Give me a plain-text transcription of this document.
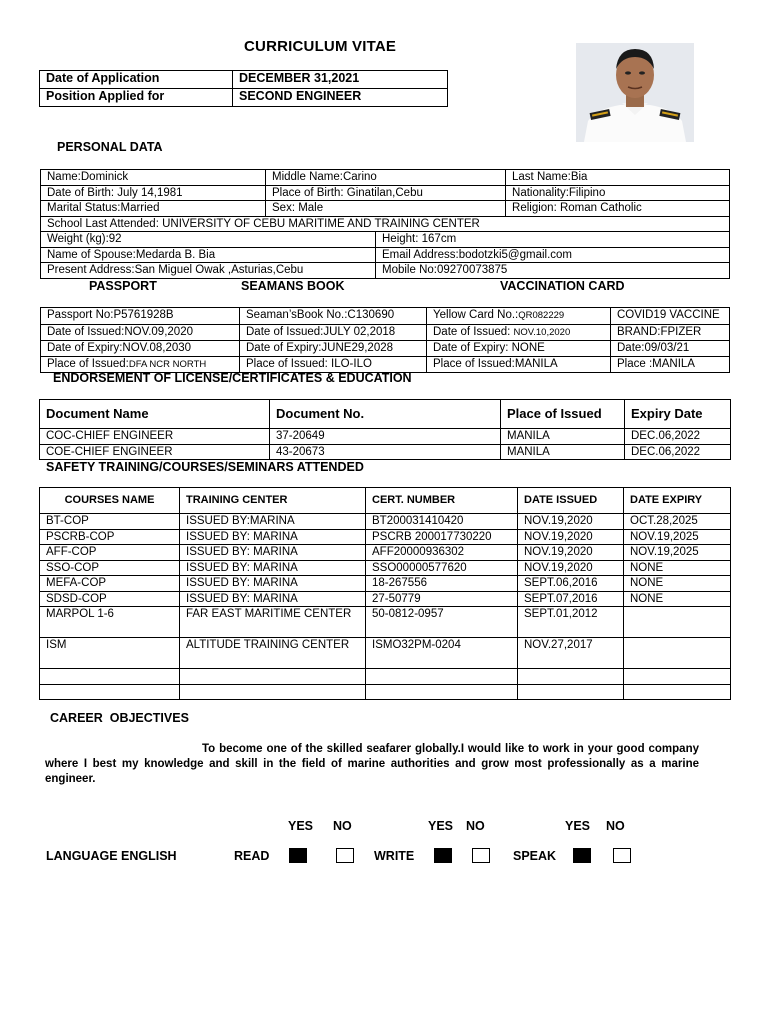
CURRICULUM VITAE
Date of Application	DECEMBER 31,2021
Position Applied for	SECOND ENGINEER
PERSONAL DATA
Name:Dominick	Middle Name:Carino		Last Name:Bia
Date of Birth: July 14,1981	Place of Birth: Ginatilan,Cebu		Nationality:Filipino
Marital Status:Married	Sex: Male		Religion: Roman Catholic
School Last Attended: UNIVERSITY OF CEBU MARITIME AND TRAINING CENTER			
Weight (kg):92		Height: 167cm	
Name of Spouse:Medarda B. Bia		Email Address:bodotzki5@gmail.com	
Present Address:San Miguel Owak ,Asturias,Cebu		Mobile No:09270073875	
PASSPORT	SEAMANS BOOK	VACCINATION CARD
Passport No:P5761928B	Seaman’sBook No.:C130690	Yellow Card No.:QR082229	COVID19 VACCINE
Date of Issued:NOV.09,2020	Date of Issued:JULY 02,2018	Date of Issued: NOV.10,2020	BRAND:FPIZER
Date of Expiry:NOV.08,2030	Date of Expiry:JUNE29,2028	Date of Expiry: NONE	Date:09/03/21
Place of Issued:DFA NCR NORTH	Place of Issued: ILO-ILO	Place of Issued:MANILA	Place :MANILA
ENDORSEMENT OF LICENSE/CERTIFICATES & EDUCATION
Document Name	Document No.	Place of Issued	Expiry Date
COC-CHIEF ENGINEER	37-20649	MANILA	DEC.06,2022
COE-CHIEF ENGINEER	43-20673	MANILA	DEC.06,2022
SAFETY TRAINING/COURSES/SEMINARS ATTENDED
COURSES NAME	TRAINING CENTER	CERT. NUMBER	DATE ISSUED	DATE EXPIRY
BT-COP	ISSUED BY:MARINA	BT200031410420	NOV.19,2020	OCT.28,2025
PSCRB-COP	ISSUED BY: MARINA	PSCRB 200017730220	NOV.19,2020	NOV.19,2025
AFF-COP	ISSUED BY: MARINA	AFF20000936302	NOV.19,2020	NOV.19,2025
SSO-COP	ISSUED BY: MARINA	SSO00000577620	NOV.19,2020	NONE
MEFA-COP	ISSUED BY: MARINA	18-267556	SEPT.06,2016	NONE
SDSD-COP	ISSUED BY: MARINA	27-50779	SEPT.07,2016	NONE
MARPOL 1-6	FAR EAST MARITIME CENTER	50-0812-0957	SEPT.01,2012	
ISM	ALTITUDE TRAINING CENTER	ISMO32PM-0204	NOV.27,2017	

CAREER  OBJECTIVES
To become one of the skilled seafarer globally.I would like to work in your good company where I best my knowledge and skill in the field of marine authorities and grow most professionally as a marine engineer.
YES NO	YES NO	YES NO
LANGUAGE ENGLISH	READ	WRITE	SPEAK
